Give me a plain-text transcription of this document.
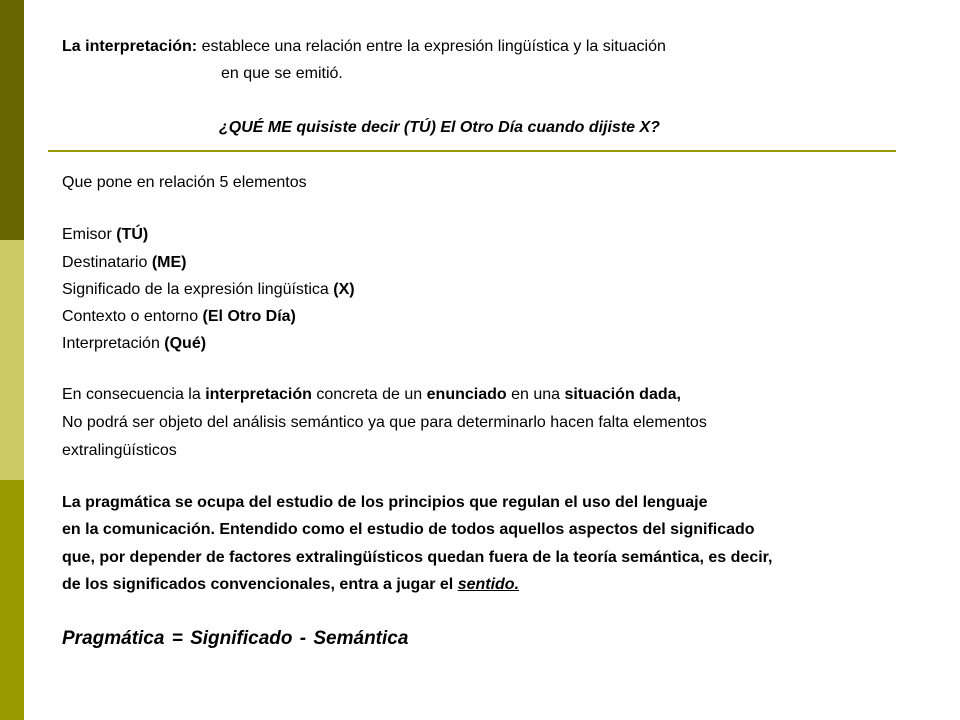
La interpretación: establece una relación entre la expresión lingüística y la situación
en que se emitió.
¿QUÉ ME quisiste decir (TÚ) El Otro Día cuando dijiste X?
Que pone en relación 5 elementos
Emisor (TÚ)
Destinatario (ME)
Significado de la expresión lingüística (X)
Contexto o entorno (El Otro Día)
Interpretación (Qué)
En consecuencia la interpretación concreta de un enunciado en una situación dada,
No podrá ser objeto del análisis semántico ya que para determinarlo hacen falta elementos
extralingüísticos
La pragmática se ocupa del estudio de los principios que regulan el uso del lenguaje
en la comunicación. Entendido como el estudio de todos aquellos aspectos del significado
que, por depender de factores extralingüísticos quedan fuera de la teoría semántica, es decir,
de los significados convencionales, entra a jugar el sentido.
Pragmática = Significado - Semántica
